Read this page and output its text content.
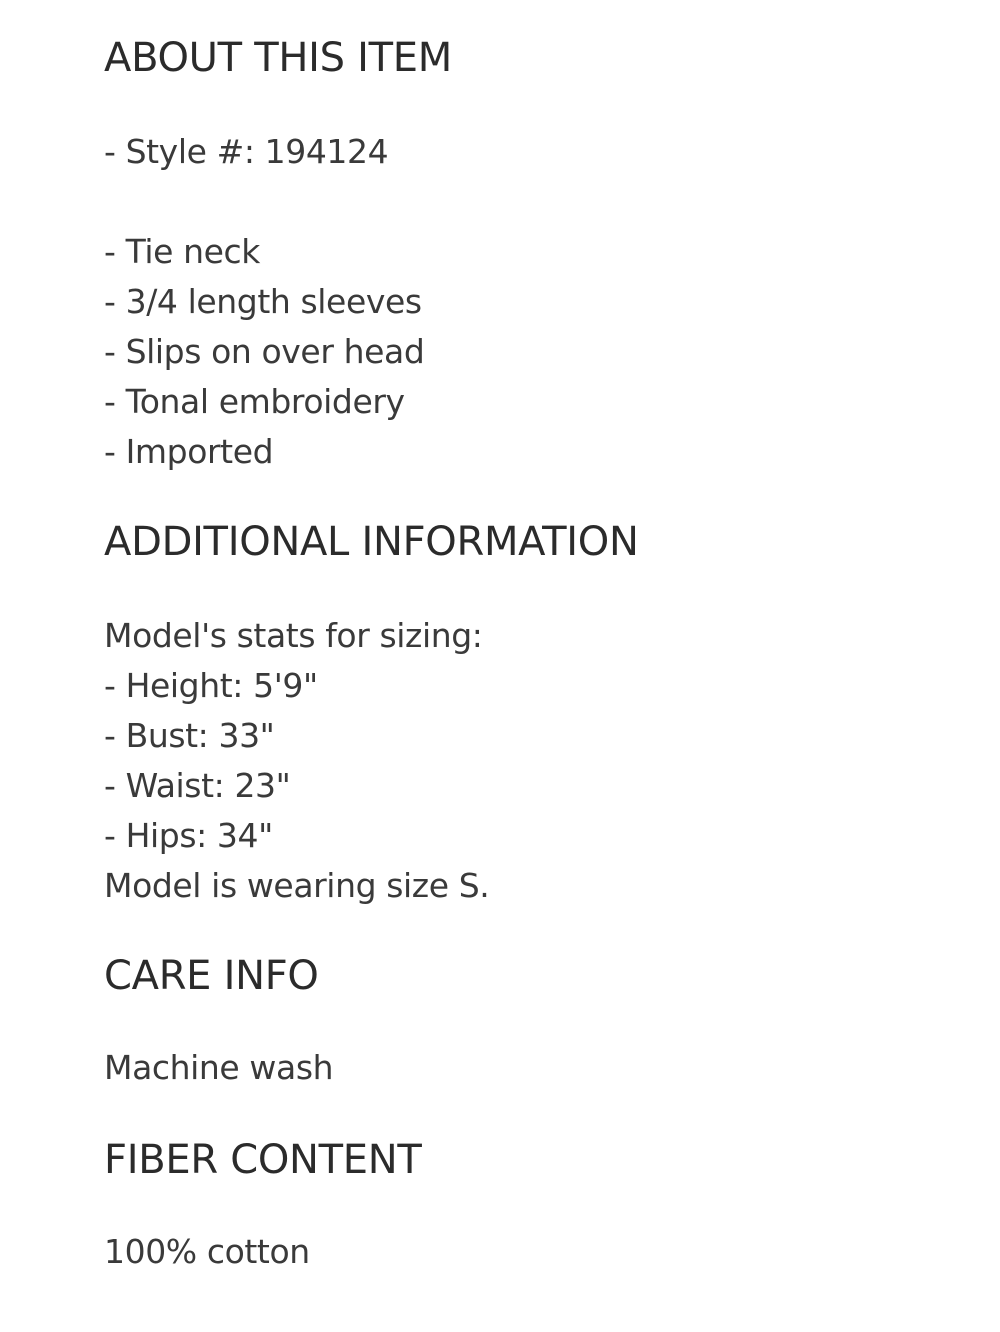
ABOUT THIS ITEM
- Style #: 194124
- Tie neck
- 3/4 length sleeves
- Slips on over head
- Tonal embroidery
- Imported
ADDITIONAL INFORMATION
Model's stats for sizing:
- Height: 5'9"
- Bust: 33"
- Waist: 23"
- Hips: 34"
Model is wearing size S.
CARE INFO
Machine wash
FIBER CONTENT
100% cotton
